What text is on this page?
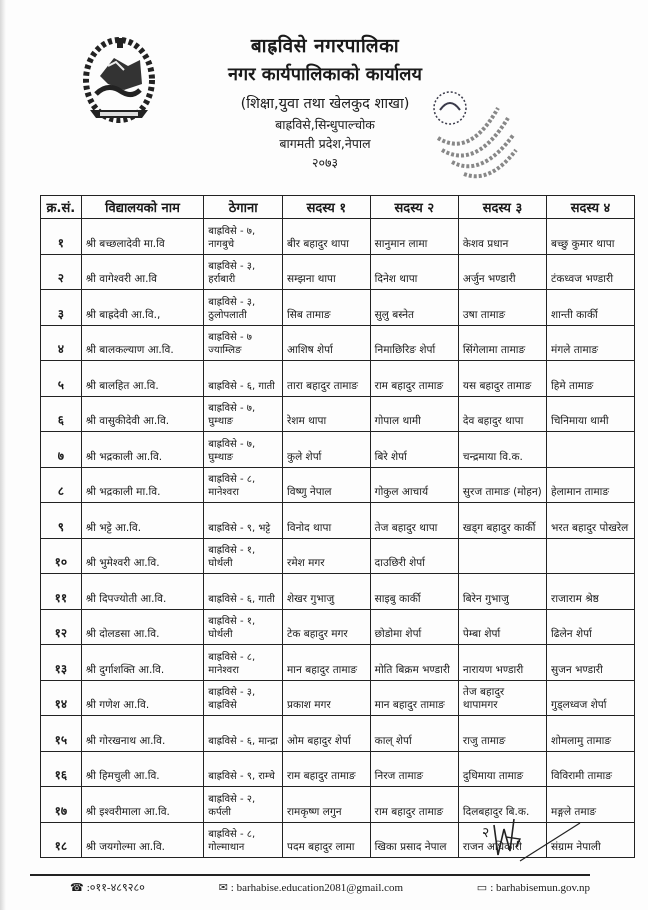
बाह्रविसे नगरपालिका
नगर कार्यपालिकाको कार्यालय
(शिक्षा,युवा तथा खेलकुद शाखा)
बाह्रविसे,सिन्धुपाल्चोक
बागमती प्रदेश,नेपाल
२०७३
क्र.सं.	विद्यालयको नाम	ठेगाना	सदस्य १	सदस्य २	सदस्य ३	सदस्य ४
१	श्री बच्छलादेवी मा.वि	बाह्रविसे - ७, नागबुचे	बीर बहादुर थापा	सानुमान लामा	केशव प्रधान	बच्छु कुमार थापा
२	श्री वागेश्वरी आ.वि	बाह्रविसे - ३, हर्राबारी	सम्झना थापा	दिनेश थापा	अर्जुन भण्डारी	टंकध्वज भण्डारी
३	श्री बाह्रदेवी आ.वि.,	बाह्रविसे - ३, ठुलोपलाती	सिब तामाङ	सुलु बस्नेत	उषा तामाङ	शान्ती कार्की
४	श्री बालकल्याण आ.वि.	बाह्रविसे - ७ ज्याम्लिङ	आशिष शेर्पा	निमाछिरिङ शेर्पा	सिंगेलामा तामाङ	मंगले तामाङ
५	श्री बालहित आ.वि.	बाह्रविसे - ६, गाती	तारा बहादुर तामाङ	राम बहादुर तामाङ	यस बहादुर तामाङ	हिमे तामाङ
६	श्री वासुकीदेवी आ.वि.	बाह्रविसे - ७, घुम्थाङ	रेशम थापा	गोपाल थामी	देव बहादुर थापा	चिनिमाया थामी
७	श्री भद्रकाली आ.वि.	बाह्रविसे - ७, घुम्थाङ	कुले शेर्पा	बिरे शेर्पा	चन्द्रमाया वि.क.	
८	श्री भद्रकाली मा.वि.	बाह्रविसे - ८, मानेश्वरा	विष्णु नेपाल	गोकुल आचार्य	सुरज तामाङ (मोहन)	हेलामान तामाङ
९	श्री भट्टे आ.वि.	बाह्रविसे - ९, भट्टे	विनोद थापा	तेज बहादुर थापा	खड्ग बहादुर कार्की	भरत बहादुर पोखरेल
१०	श्री भुमेश्वरी आ.वि.	बाह्रविसे - १, घोर्थली	रमेश मगर	दाउछिरी शेर्पा		
११	श्री दिपज्योती आ.वि.	बाह्रविसे - ६, गाती	शेखर गुभाजु	साइबु कार्की	बिरेन गुभाजु	राजाराम श्रेष्ठ
१२	श्री दोलडसा आ.वि.	बाह्रविसे - १, घोर्थली	टेक बहादुर मगर	छोडोमा शेर्पा	पेम्बा शेर्पा	ढिलेन शेर्पा
१३	श्री दुर्गाशक्ति आ.वि.	बाह्रविसे - ८, मानेश्वरा	मान बहादुर तामाङ	मोति बिक्रम भण्डारी	नारायण भण्डारी	सुजन भण्डारी
१४	श्री गणेश आ.वि.	बाह्रविसे - ३, बाह्रविसे	प्रकाश मगर	मान बहादुर तामाङ	तेज बहादुर थापामगर	गुड्लध्वज शेर्पा
१५	श्री गोरखनाथ आ.वि.	बाह्रविसे - ६, मान्द्रा	ओम बहादुर शेर्पा	काल् शेर्पा	राजु तामाङ	शोमलामु तामाङ
१६	श्री हिमचुली आ.वि.	बाह्रविसे - ९, राम्चे	राम बहादुर तामाङ	निरज तामाङ	दुधिमाया तामाङ	विविरामी तामाङ
१७	श्री इश्वरीमाला आ.वि.	बाह्रविसे - २, कर्पली	रामकृष्ण लगुन	राम बहादुर तामाङ	दिलबहादुर बि.क.	मङ्गले तमाङ
१८	श्री जयगोल्मा आ.वि.	बाह्रविसे - ८, गोल्माथान	पदम बहादुर लामा	खिका प्रसाद नेपाल	राजन अधिकारी	संग्राम नेपाली
२
☎ :०११-४८९२८०	✉ : barhabise.education2081@gmail.com	▭ : barhabisemun.gov.np
